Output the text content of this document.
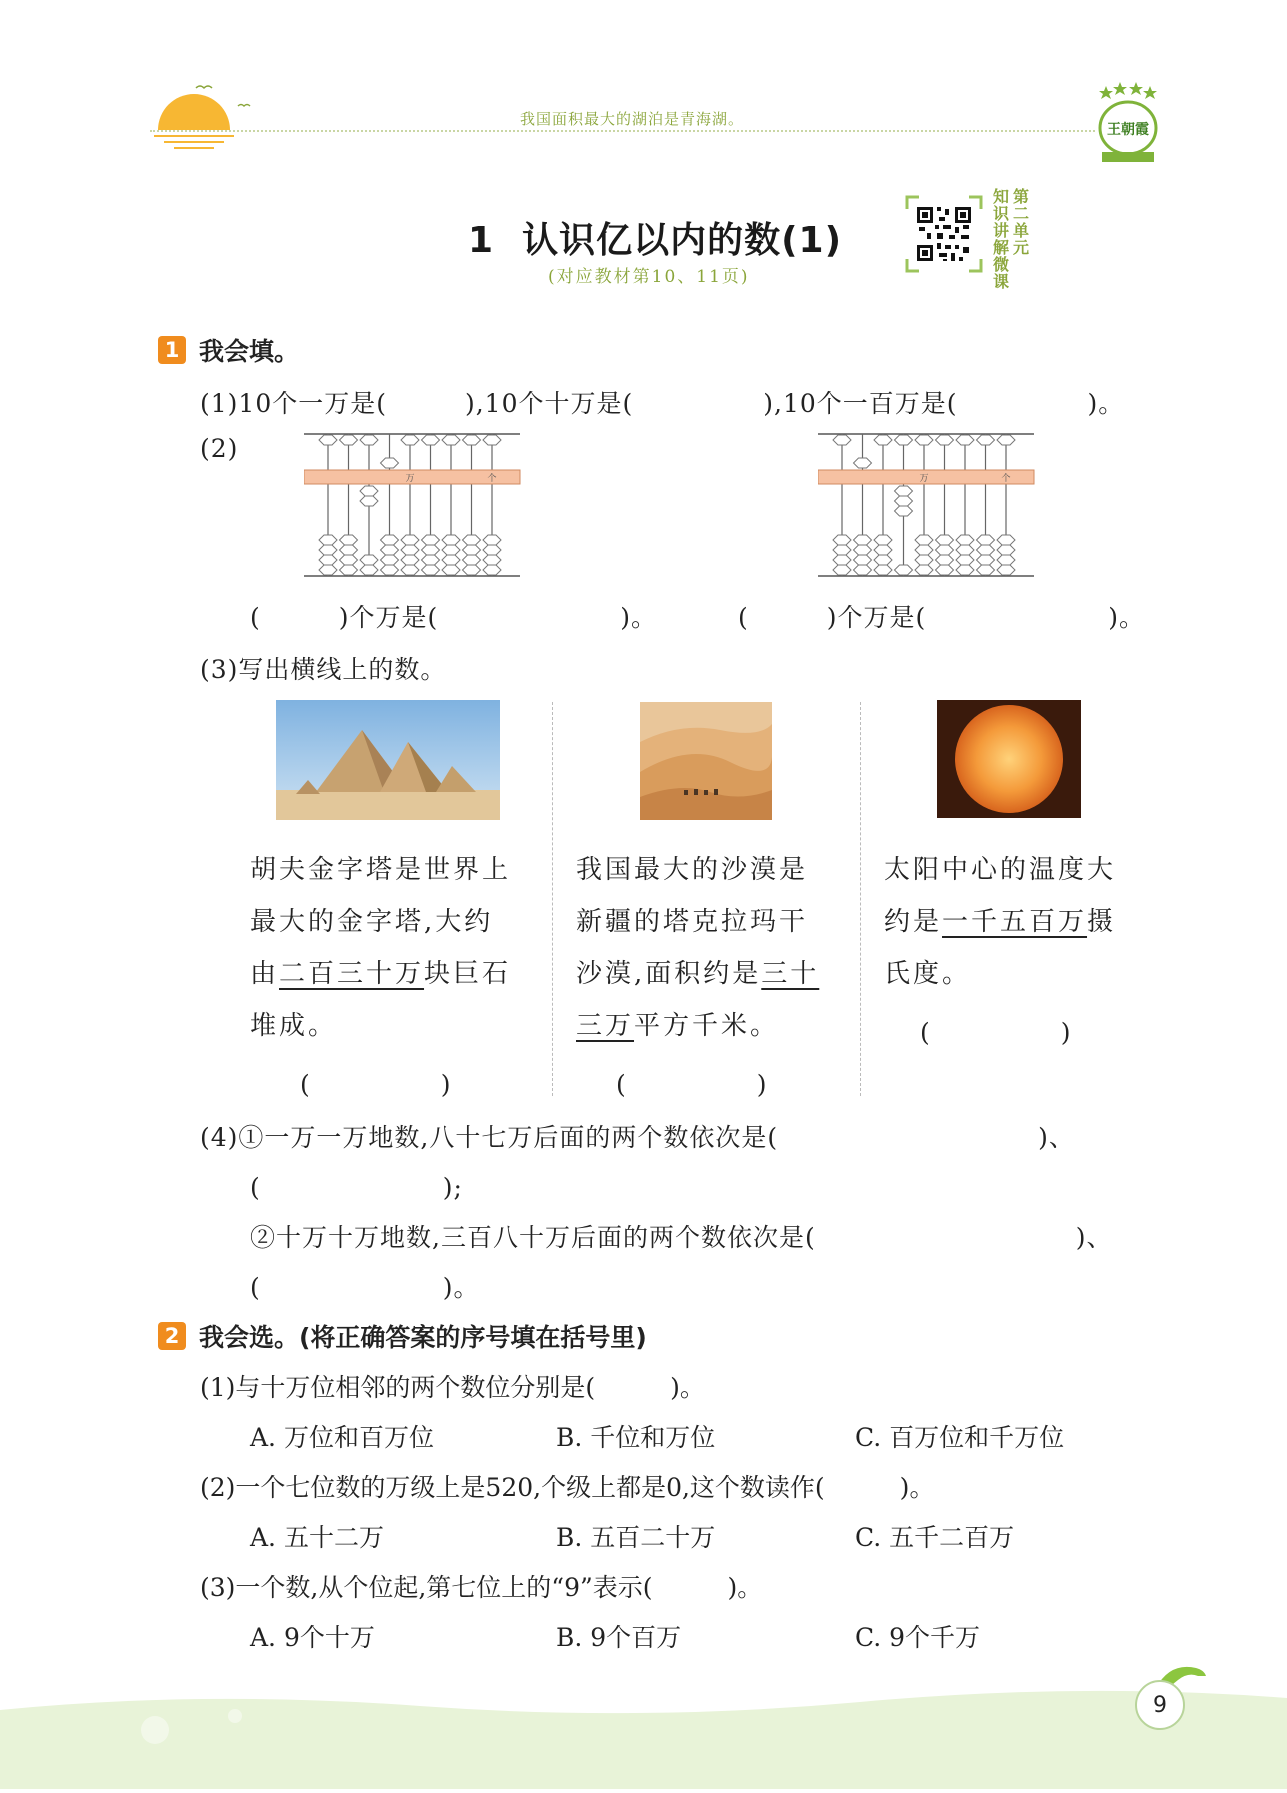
我国面积最大的湖泊是青海湖。
王朝霞
1 认识亿以内的数(1)
(对应教材第10、11页)
知
识
讲
解
微
课
第
二
单
元
1 我会填。
(1)10个一万是(　　　),10个十万是(　　　　　),10个一百万是(　　　　　)。
(2)
万	个	万	个
(　　　)个万是(　　　　　　　)。	(　　　)个万是(　　　　　　　)。
(3)写出横线上的数。
胡夫金字塔是世界上
最大的金字塔,大约
由二百三十万块巨石
堆成。
(　　　　　)
我国最大的沙漠是
新疆的塔克拉玛干
沙漠,面积约是三十
三万平方千米。
(　　　　　)
太阳中心的温度大
约是一千五百万摄
氏度。
(　　　　　)
(4)①一万一万地数,八十七万后面的两个数依次是(　　　　　　　　　　)、
(　　　　　　　);
②十万十万地数,三百八十万后面的两个数依次是(　　　　　　　　　　)、
(　　　　　　　)。
2 我会选。(将正确答案的序号填在括号里)
(1)与十万位相邻的两个数位分别是(　　　)。
A. 万位和百万位	B. 千位和万位	C. 百万位和千万位
(2)一个七位数的万级上是520,个级上都是0,这个数读作(　　　)。
A. 五十二万	B. 五百二十万	C. 五千二百万
(3)一个数,从个位起,第七位上的“9”表示(　　　)。
A. 9个十万	B. 9个百万	C. 9个千万
9
